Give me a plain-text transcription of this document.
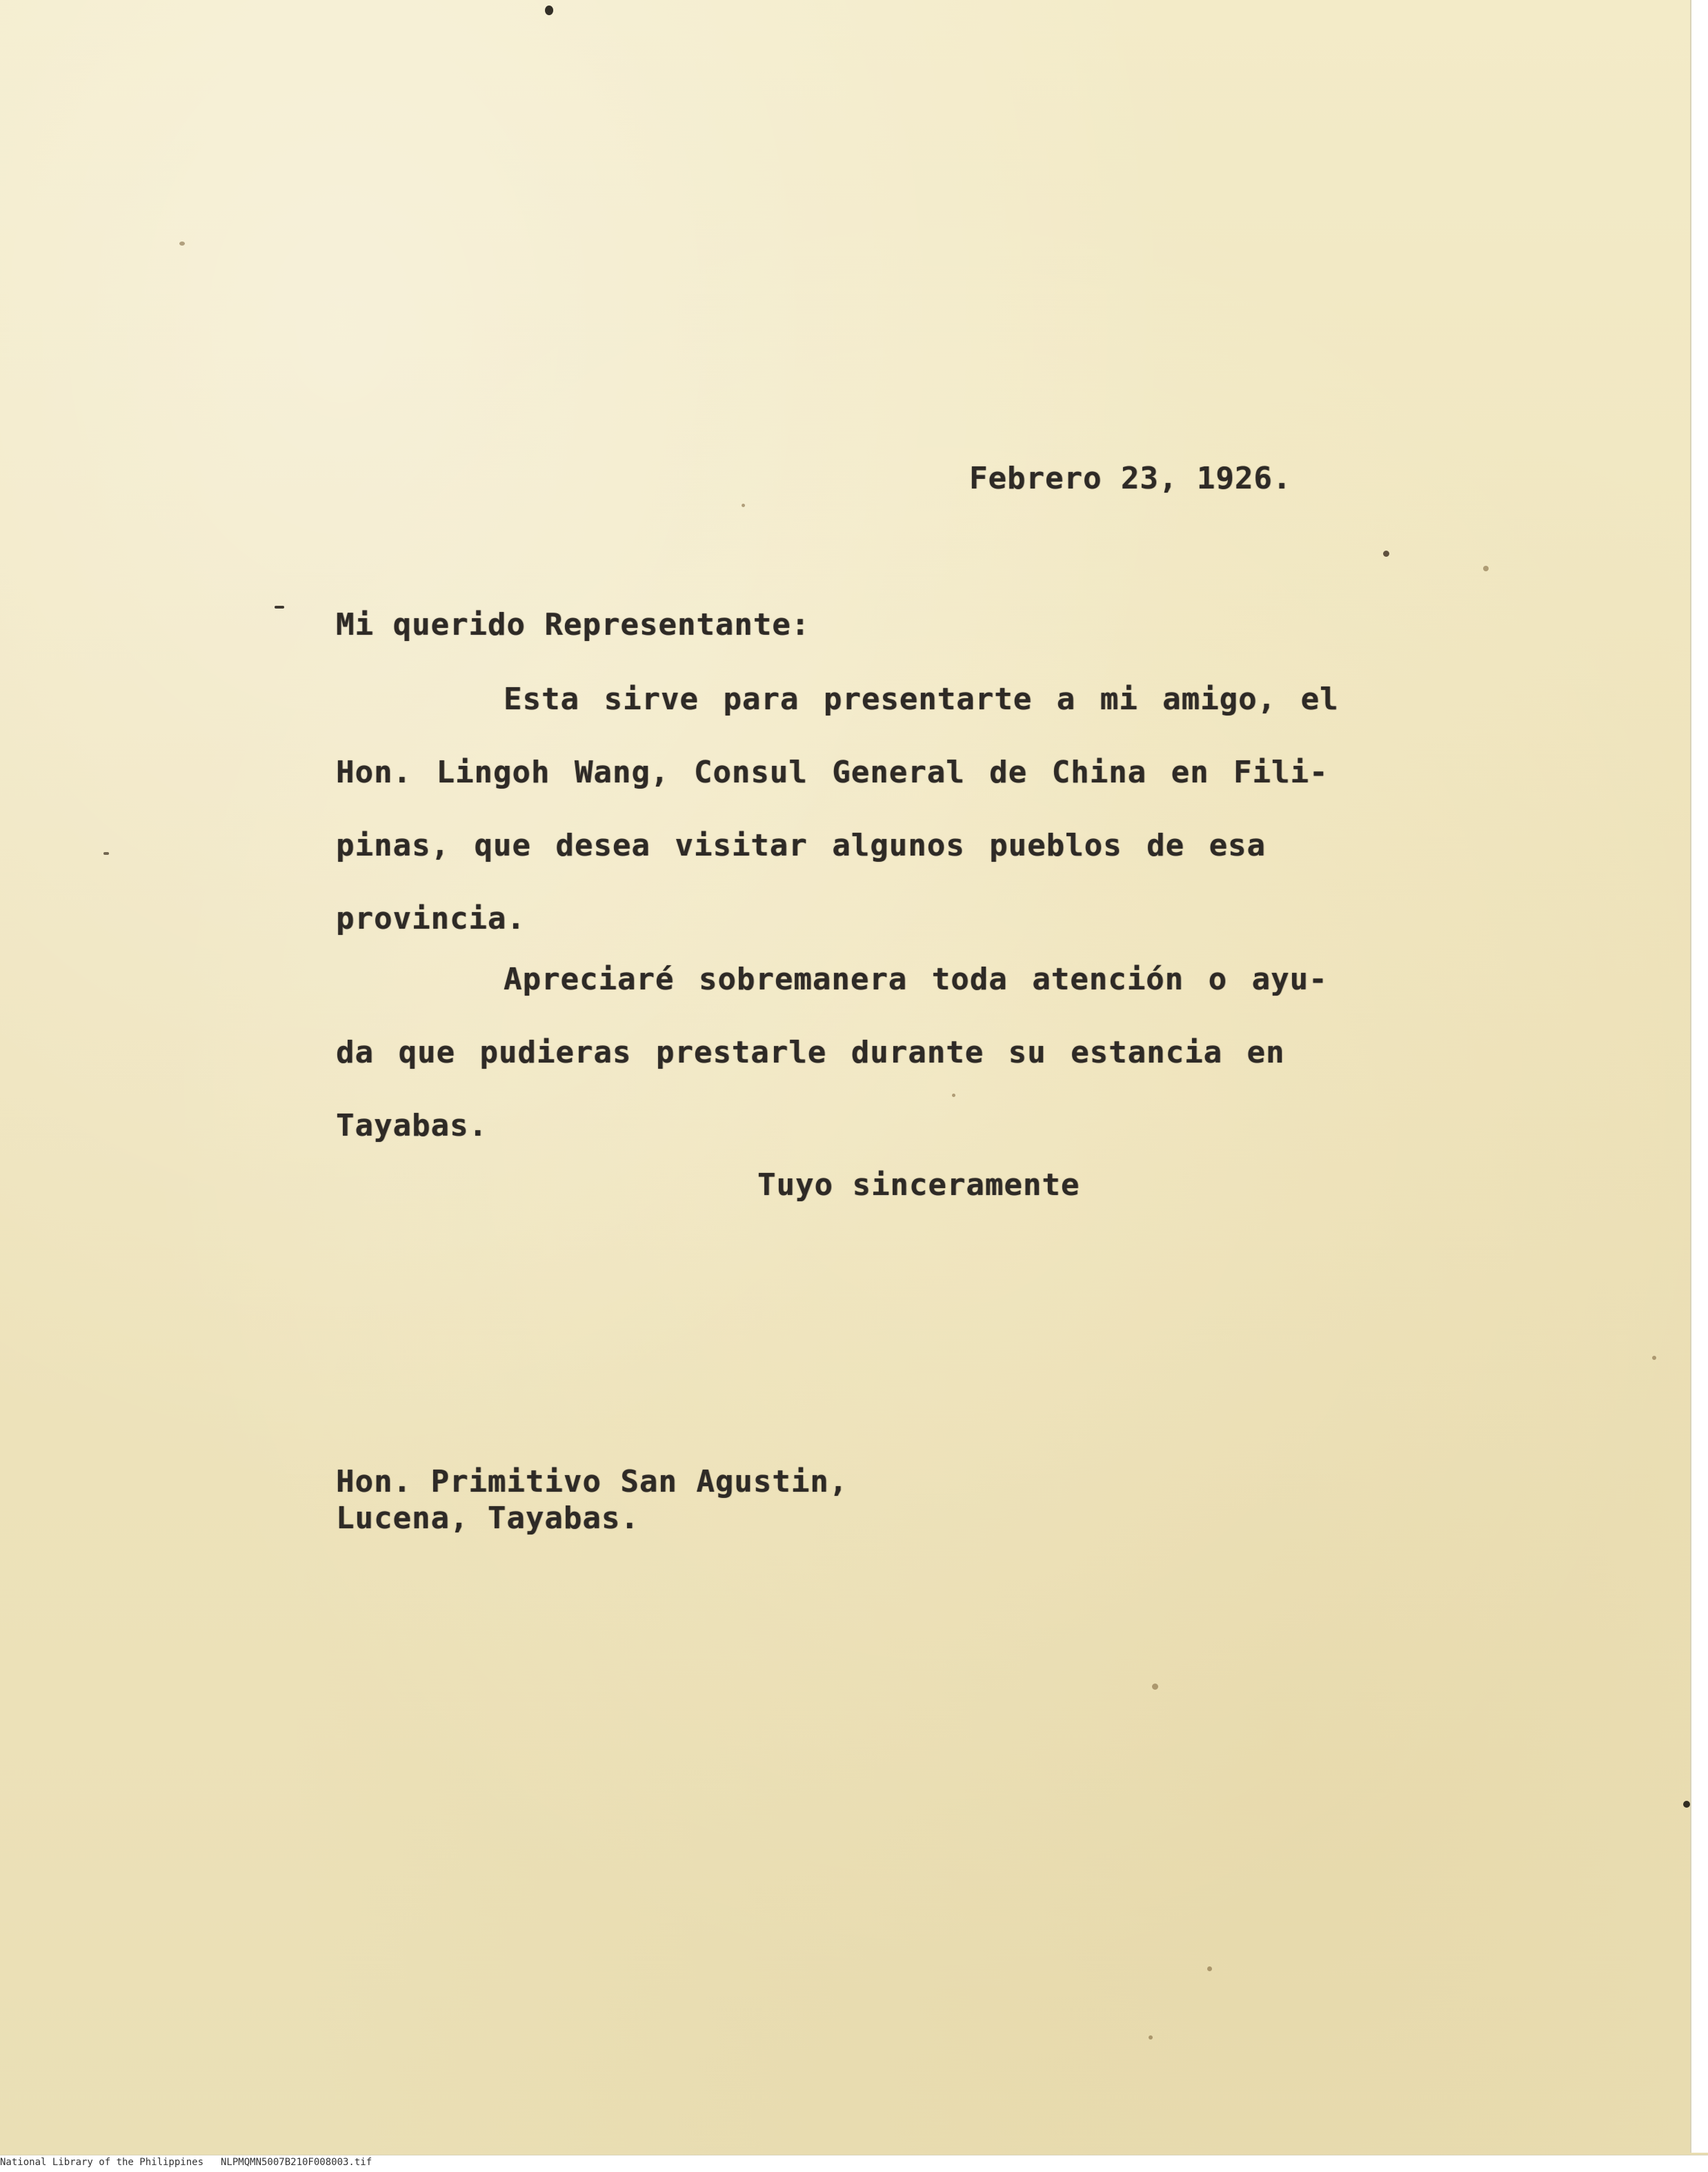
Febrero 23, 1926.
Mi querido Representante:
Esta sirve para presentarte a mi amigo, el
Hon. Lingoh Wang, Consul General de China en Fili-
pinas, que desea visitar algunos pueblos de esa
provincia.
Apreciaré sobremanera toda atención o ayu-
da que pudieras prestarle durante su estancia en
Tayabas.
Tuyo sinceramente
Hon. Primitivo San Agustin,
Lucena, Tayabas.
National Library of the Philippines NLPMQMN5007B210F008003.tif
